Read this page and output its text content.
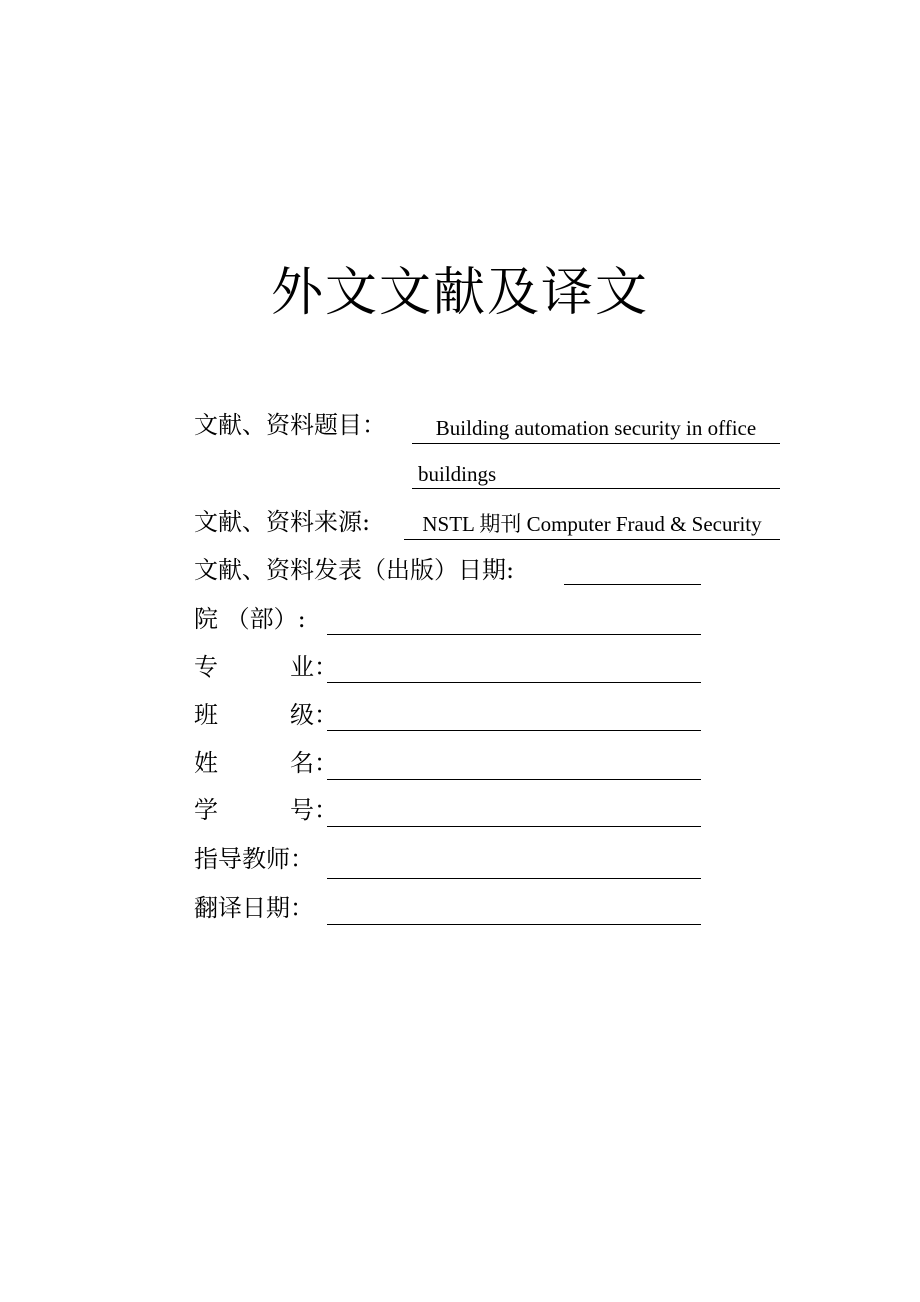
外文文献及译文
文献、资料题目：	Building automation security in office
buildings
文献、资料来源:	NSTL 期刊 Computer Fraud & Security
文献、资料发表（出版）日期:
院 （部）:
专 业：
班 级：
姓 名：
学 号：
指导教师：
翻译日期：
